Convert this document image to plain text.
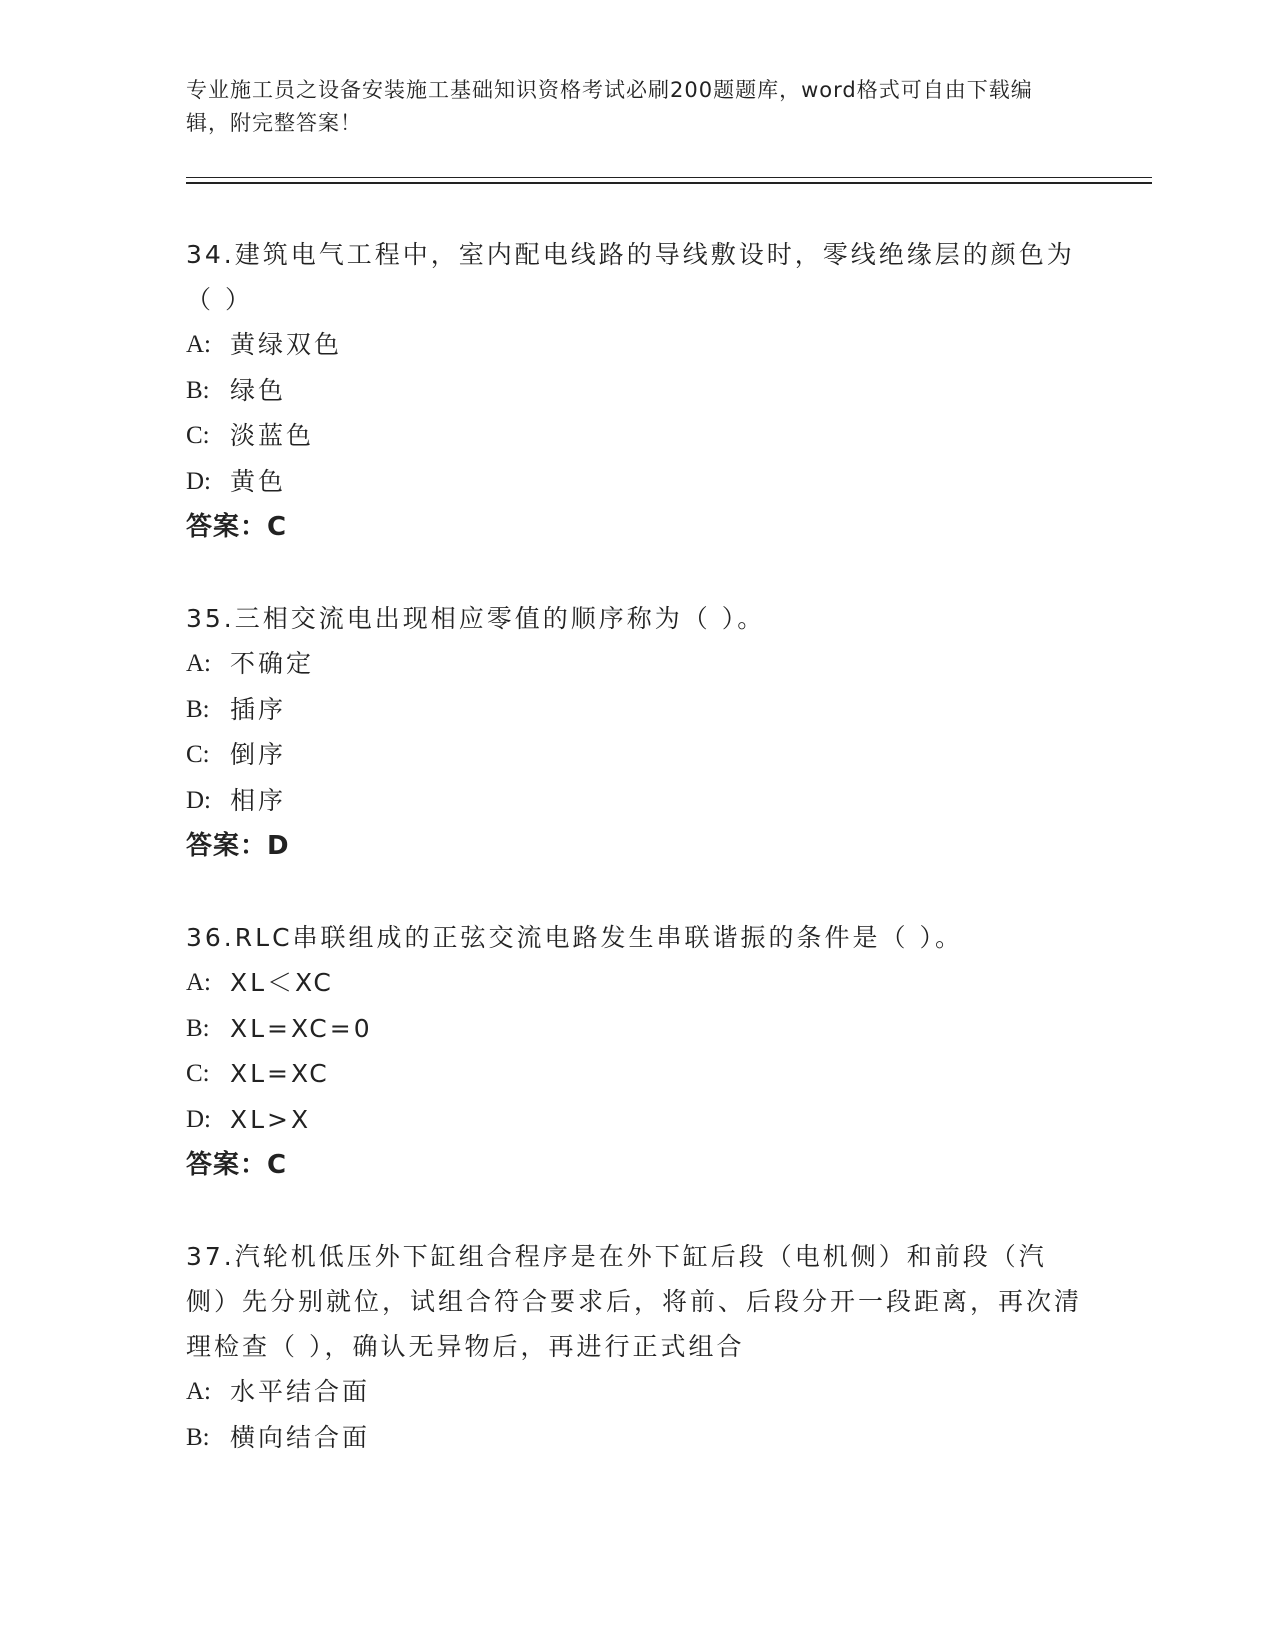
专业施工员之设备安装施工基础知识资格考试必刷200题题库，word格式可自由下载编辑，附完整答案！

34.建筑电气工程中，室内配电线路的导线敷设时，零线绝缘层的颜色为（ ）

A: 黄绿双色

B: 绿色

C: 淡蓝色

D: 黄色

答案：C

35.三相交流电出现相应零值的顺序称为（ ）。

A: 不确定

B: 插序

C: 倒序

D: 相序

答案：D

36.RLC串联组成的正弦交流电路发生串联谐振的条件是（ ）。

A: XL＜XC

B: XL=XC=0

C: XL=XC

D: XL>X

答案：C

37.汽轮机低压外下缸组合程序是在外下缸后段（电机侧）和前段（汽侧）先分别就位，试组合符合要求后，将前、后段分开一段距离，再次清理检查（ ），确认无异物后，再进行正式组合

A: 水平结合面

B: 横向结合面
